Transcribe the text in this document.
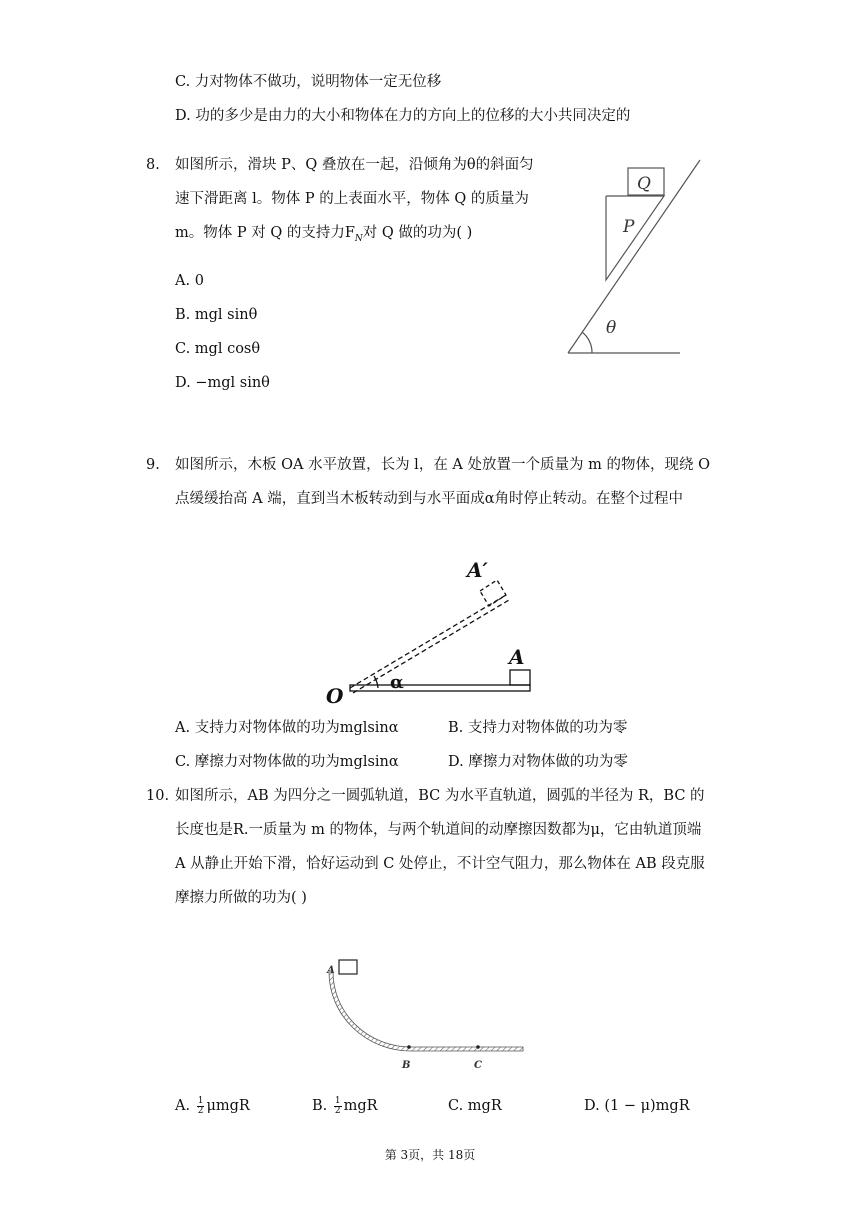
C. 力对物体不做功，说明物体一定无位移
D. 功的多少是由力的大小和物体在力的方向上的位移的大小共同决定的
8. 如图所示，滑块 P、Q 叠放在一起，沿倾角为θ的斜面匀
速下滑距离 l。物体 P 的上表面水平，物体 Q 的质量为
m。物体 P 对 Q 的支持力$F_N$对 Q 做的功为( )
A. 0
B. mgl sinθ
C. mgl cosθ
D. −mgl sinθ
Q
P
θ
9. 如图所示，木板 OA 水平放置，长为 l，在 A 处放置一个质量为 m 的物体，现绕 O
点缓缓抬高 A 端，直到当木板转动到与水平面成α角时停止转动。在整个过程中
A′
A
O
α
A. 支持力对物体做的功为mglsinα	B. 支持力对物体做的功为零
C. 摩擦力对物体做的功为mglsinα	D. 摩擦力对物体做的功为零
10. 如图所示，AB 为四分之一圆弧轨道，BC 为水平直轨道，圆弧的半径为 R，BC 的
长度也是R.一质量为 m 的物体，与两个轨道间的动摩擦因数都为μ，它由轨道顶端
A 从静止开始下滑，恰好运动到 C 处停止，不计空气阻力，那么物体在 AB 段克服
摩擦力所做的功为( )
A
B	C
A. $\frac{1}{2}$ μmgR	B. $\frac{1}{2}$ mgR	C. mgR	D. (1 − μ)mgR
第 3页，共 18页
